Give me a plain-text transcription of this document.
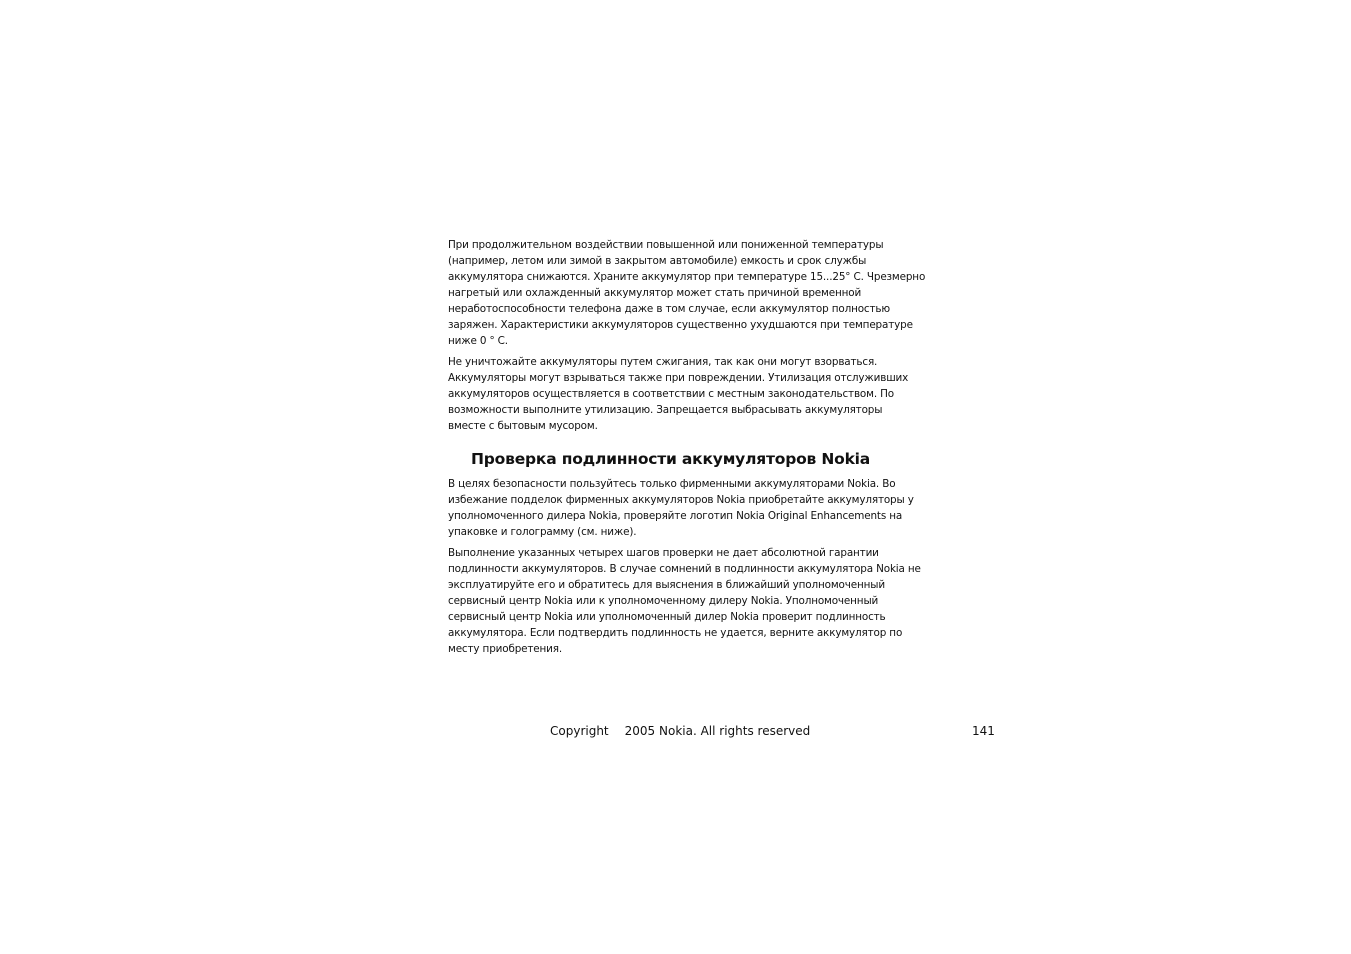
При продолжительном воздействии повышенной или пониженной температуры
(например, летом или зимой в закрытом автомобиле) емкость и срок службы
аккумулятора снижаются. Храните аккумулятор при температуре 15...25° C. Чрезмерно
нагретый или охлажденный аккумулятор может стать причиной временной
неработоспособности телефона даже в том случае, если аккумулятор полностью
заряжен. Характеристики аккумуляторов существенно ухудшаются при температуре
ниже 0 ° C.
Не уничтожайте аккумуляторы путем сжигания, так как они могут взорваться.
Аккумуляторы могут взрываться также при повреждении. Утилизация отслуживших
аккумуляторов осуществляется в соответствии с местным законодательством. По
возможности выполните утилизацию. Запрещается выбрасывать аккумуляторы
вместе с бытовым мусором.
Проверка подлинности аккумуляторов Nokia
В целях безопасности пользуйтесь только фирменными аккумуляторами Nokia. Во
избежание подделок фирменных аккумуляторов Nokia приобретайте аккумуляторы у
уполномоченного дилера Nokia, проверяйте логотип Nokia Original Enhancements на
упаковке и голограмму (см. ниже).
Выполнение указанных четырех шагов проверки не дает абсолютной гарантии
подлинности аккумуляторов. В случае сомнений в подлинности аккумулятора Nokia не
эксплуатируйте его и обратитесь для выяснения в ближайший уполномоченный
сервисный центр Nokia или к уполномоченному дилеру Nokia. Уполномоченный
сервисный центр Nokia или уполномоченный дилер Nokia проверит подлинность
аккумулятора. Если подтвердить подлинность не удается, верните аккумулятор по
месту приобретения.
Copyright 2005 Nokia. All rights reserved	141
